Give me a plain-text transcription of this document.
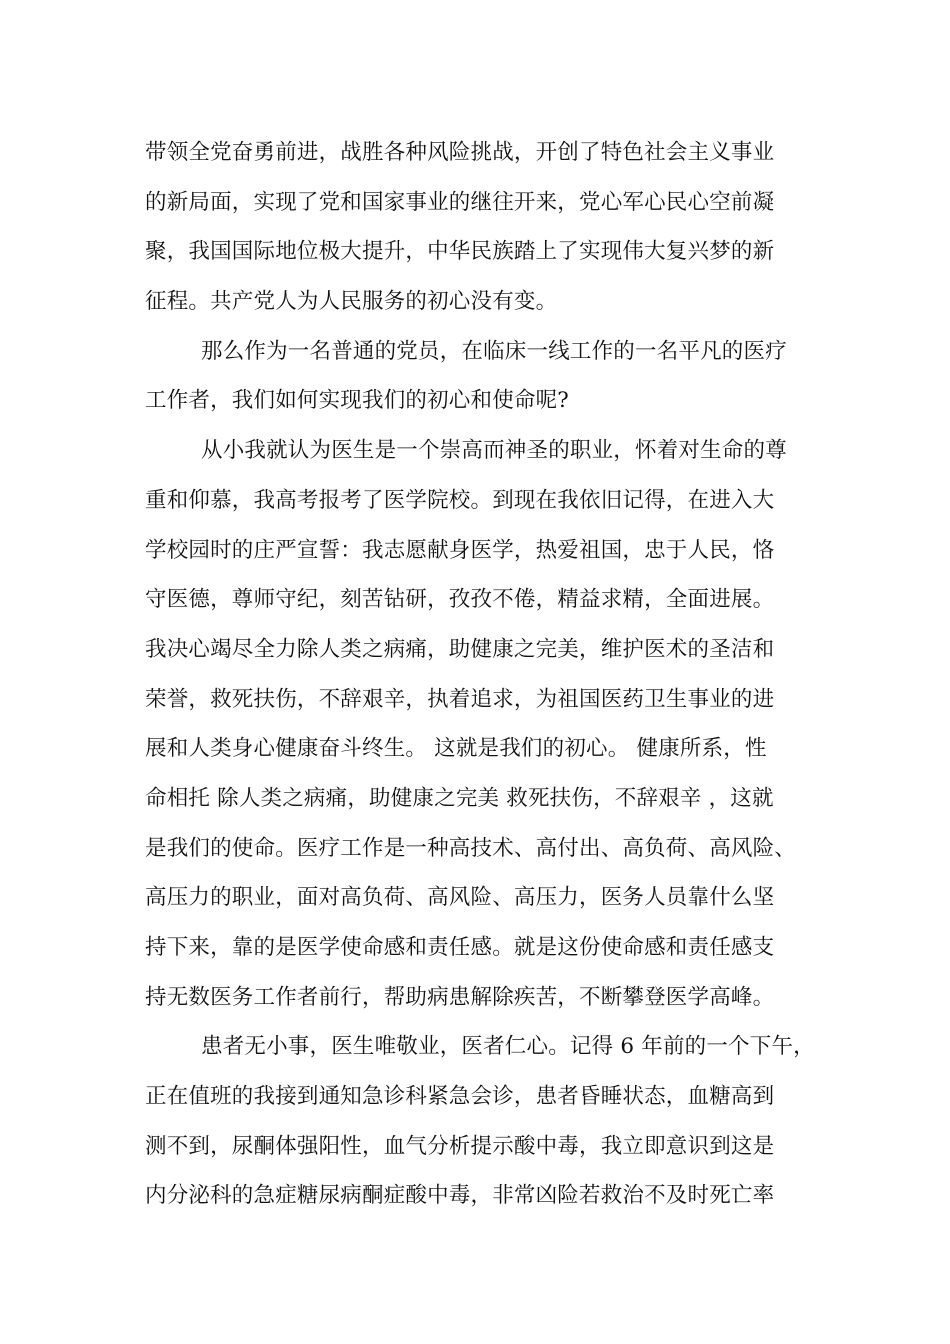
带领全党奋勇前进，战胜各种风险挑战，开创了特色社会主义事业
的新局面，实现了党和国家事业的继往开来，党心军心民心空前凝
聚，我国国际地位极大提升，中华民族踏上了实现伟大复兴梦的新
征程。共产党人为人民服务的初心没有变。
那么作为一名普通的党员，在临床一线工作的一名平凡的医疗
工作者，我们如何实现我们的初心和使命呢?
从小我就认为医生是一个崇高而神圣的职业，怀着对生命的尊
重和仰慕，我高考报考了医学院校。到现在我依旧记得，在进入大
学校园时的庄严宣誓：我志愿献身医学，热爱祖国，忠于人民，恪
守医德，尊师守纪，刻苦钻研，孜孜不倦，精益求精，全面进展。
我决心竭尽全力除人类之病痛，助健康之完美，维护医术的圣洁和
荣誉，救死扶伤，不辞艰辛，执着追求，为祖国医药卫生事业的进
展和人类身心健康奋斗终生。 这就是我们的初心。 健康所系，性
命相托 除人类之病痛，助健康之完美 救死扶伤，不辞艰辛 ，这就
是我们的使命。医疗工作是一种高技术、高付出、高负荷、高风险、
高压力的职业，面对高负荷、高风险、高压力，医务人员靠什么坚
持下来，靠的是医学使命感和责任感。就是这份使命感和责任感支
持无数医务工作者前行，帮助病患解除疾苦，不断攀登医学高峰。
患者无小事，医生唯敬业，医者仁心。记得 6 年前的一个下午，
正在值班的我接到通知急诊科紧急会诊，患者昏睡状态，血糖高到
测不到，尿酮体强阳性，血气分析提示酸中毒，我立即意识到这是
内分泌科的急症糖尿病酮症酸中毒，非常凶险若救治不及时死亡率
